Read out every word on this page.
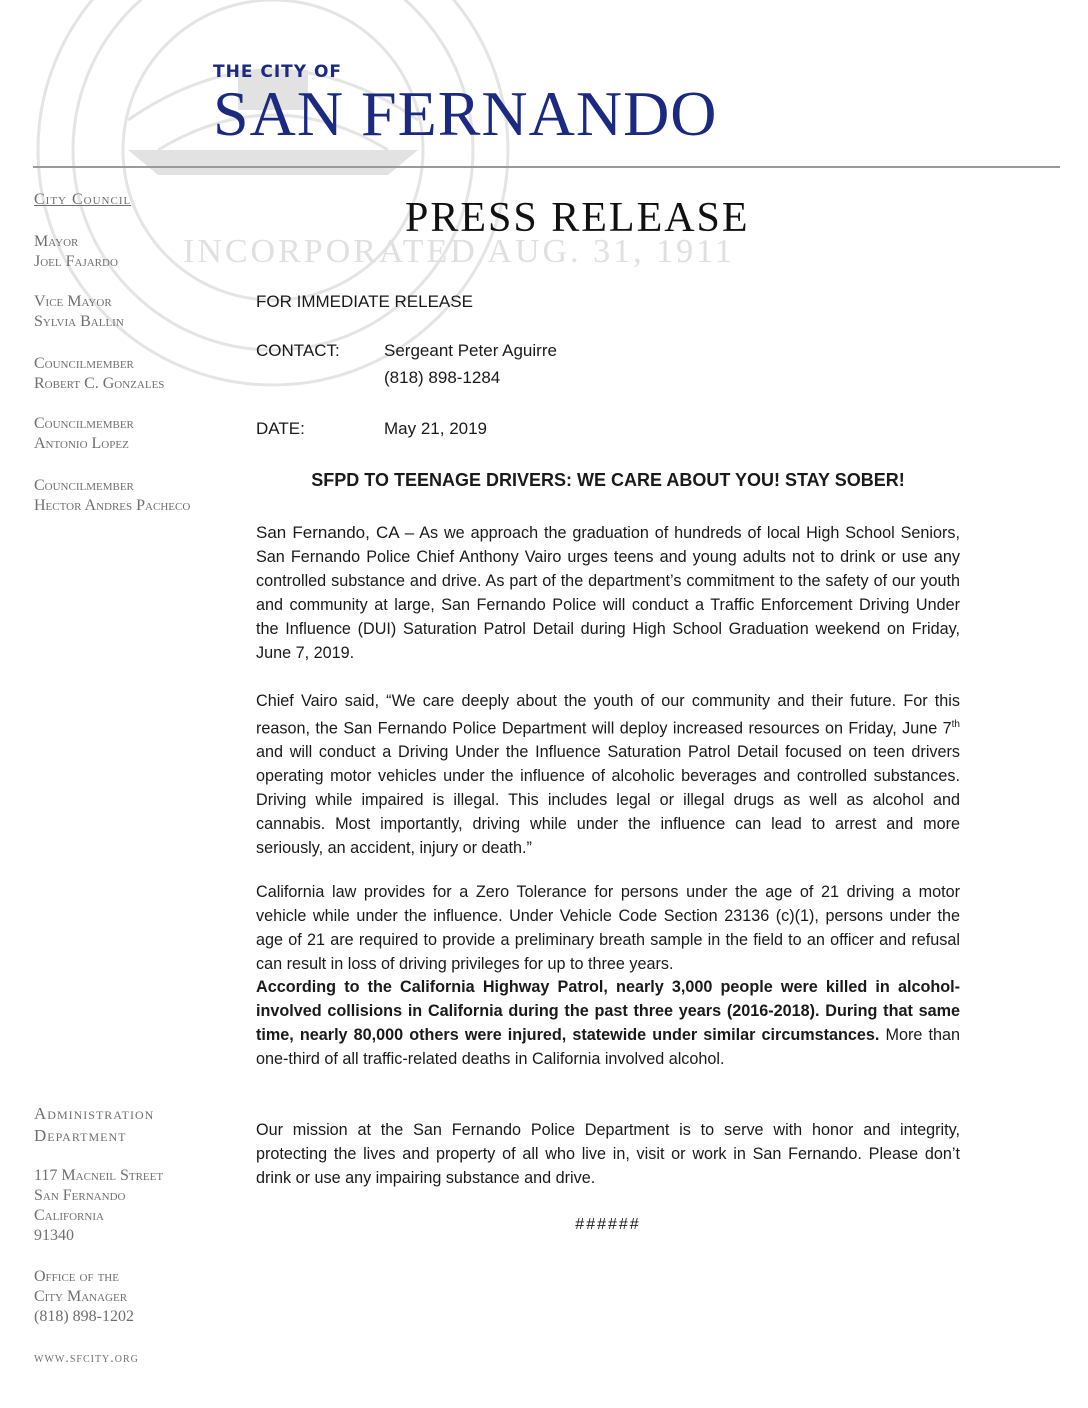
INCORPORATED AUG. 31, 1911
THE CITY OF
SAN FERNANDO
PRESS RELEASE
City Council
Mayor
Joel Fajardo
Vice Mayor
Sylvia Ballin
Councilmember
Robert C. Gonzales
Councilmember
Antonio Lopez
Councilmember
Hector Andres Pacheco
Administration
Department
117 Macneil Street
San Fernando
California
91340
Office of the
City Manager
(818) 898-1202
www.sfcity.org
FOR IMMEDIATE RELEASE
CONTACT:	Sergeant Peter Aguirre
(818) 898-1284
DATE:	May 21, 2019
SFPD TO TEENAGE DRIVERS: WE CARE ABOUT YOU! STAY SOBER!
San Fernando, CA – As we approach the graduation of hundreds of local High School Seniors, San Fernando Police Chief Anthony Vairo urges teens and young adults not to drink or use any controlled substance and drive. As part of the department’s commitment to the safety of our youth and community at large, San Fernando Police will conduct a Traffic Enforcement Driving Under the Influence (DUI) Saturation Patrol Detail during High School Graduation weekend on Friday, June 7, 2019.
Chief Vairo said, “We care deeply about the youth of our community and their future. For this reason, the San Fernando Police Department will deploy increased resources on Friday, June 7th and will conduct a Driving Under the Influence Saturation Patrol Detail focused on teen drivers operating motor vehicles under the influence of alcoholic beverages and controlled substances. Driving while impaired is illegal. This includes legal or illegal drugs as well as alcohol and cannabis. Most importantly, driving while under the influence can lead to arrest and more seriously, an accident, injury or death.”
California law provides for a Zero Tolerance for persons under the age of 21 driving a motor vehicle while under the influence. Under Vehicle Code Section 23136 (c)(1), persons under the age of 21 are required to provide a preliminary breath sample in the field to an officer and refusal can result in loss of driving privileges for up to three years.
According to the California Highway Patrol, nearly 3,000 people were killed in alcohol-involved collisions in California during the past three years (2016-2018). During that same time, nearly 80,000 others were injured, statewide under similar circumstances. More than one-third of all traffic-related deaths in California involved alcohol.
Our mission at the San Fernando Police Department is to serve with honor and integrity, protecting the lives and property of all who live in, visit or work in San Fernando. Please don’t drink or use any impairing substance and drive.
######
